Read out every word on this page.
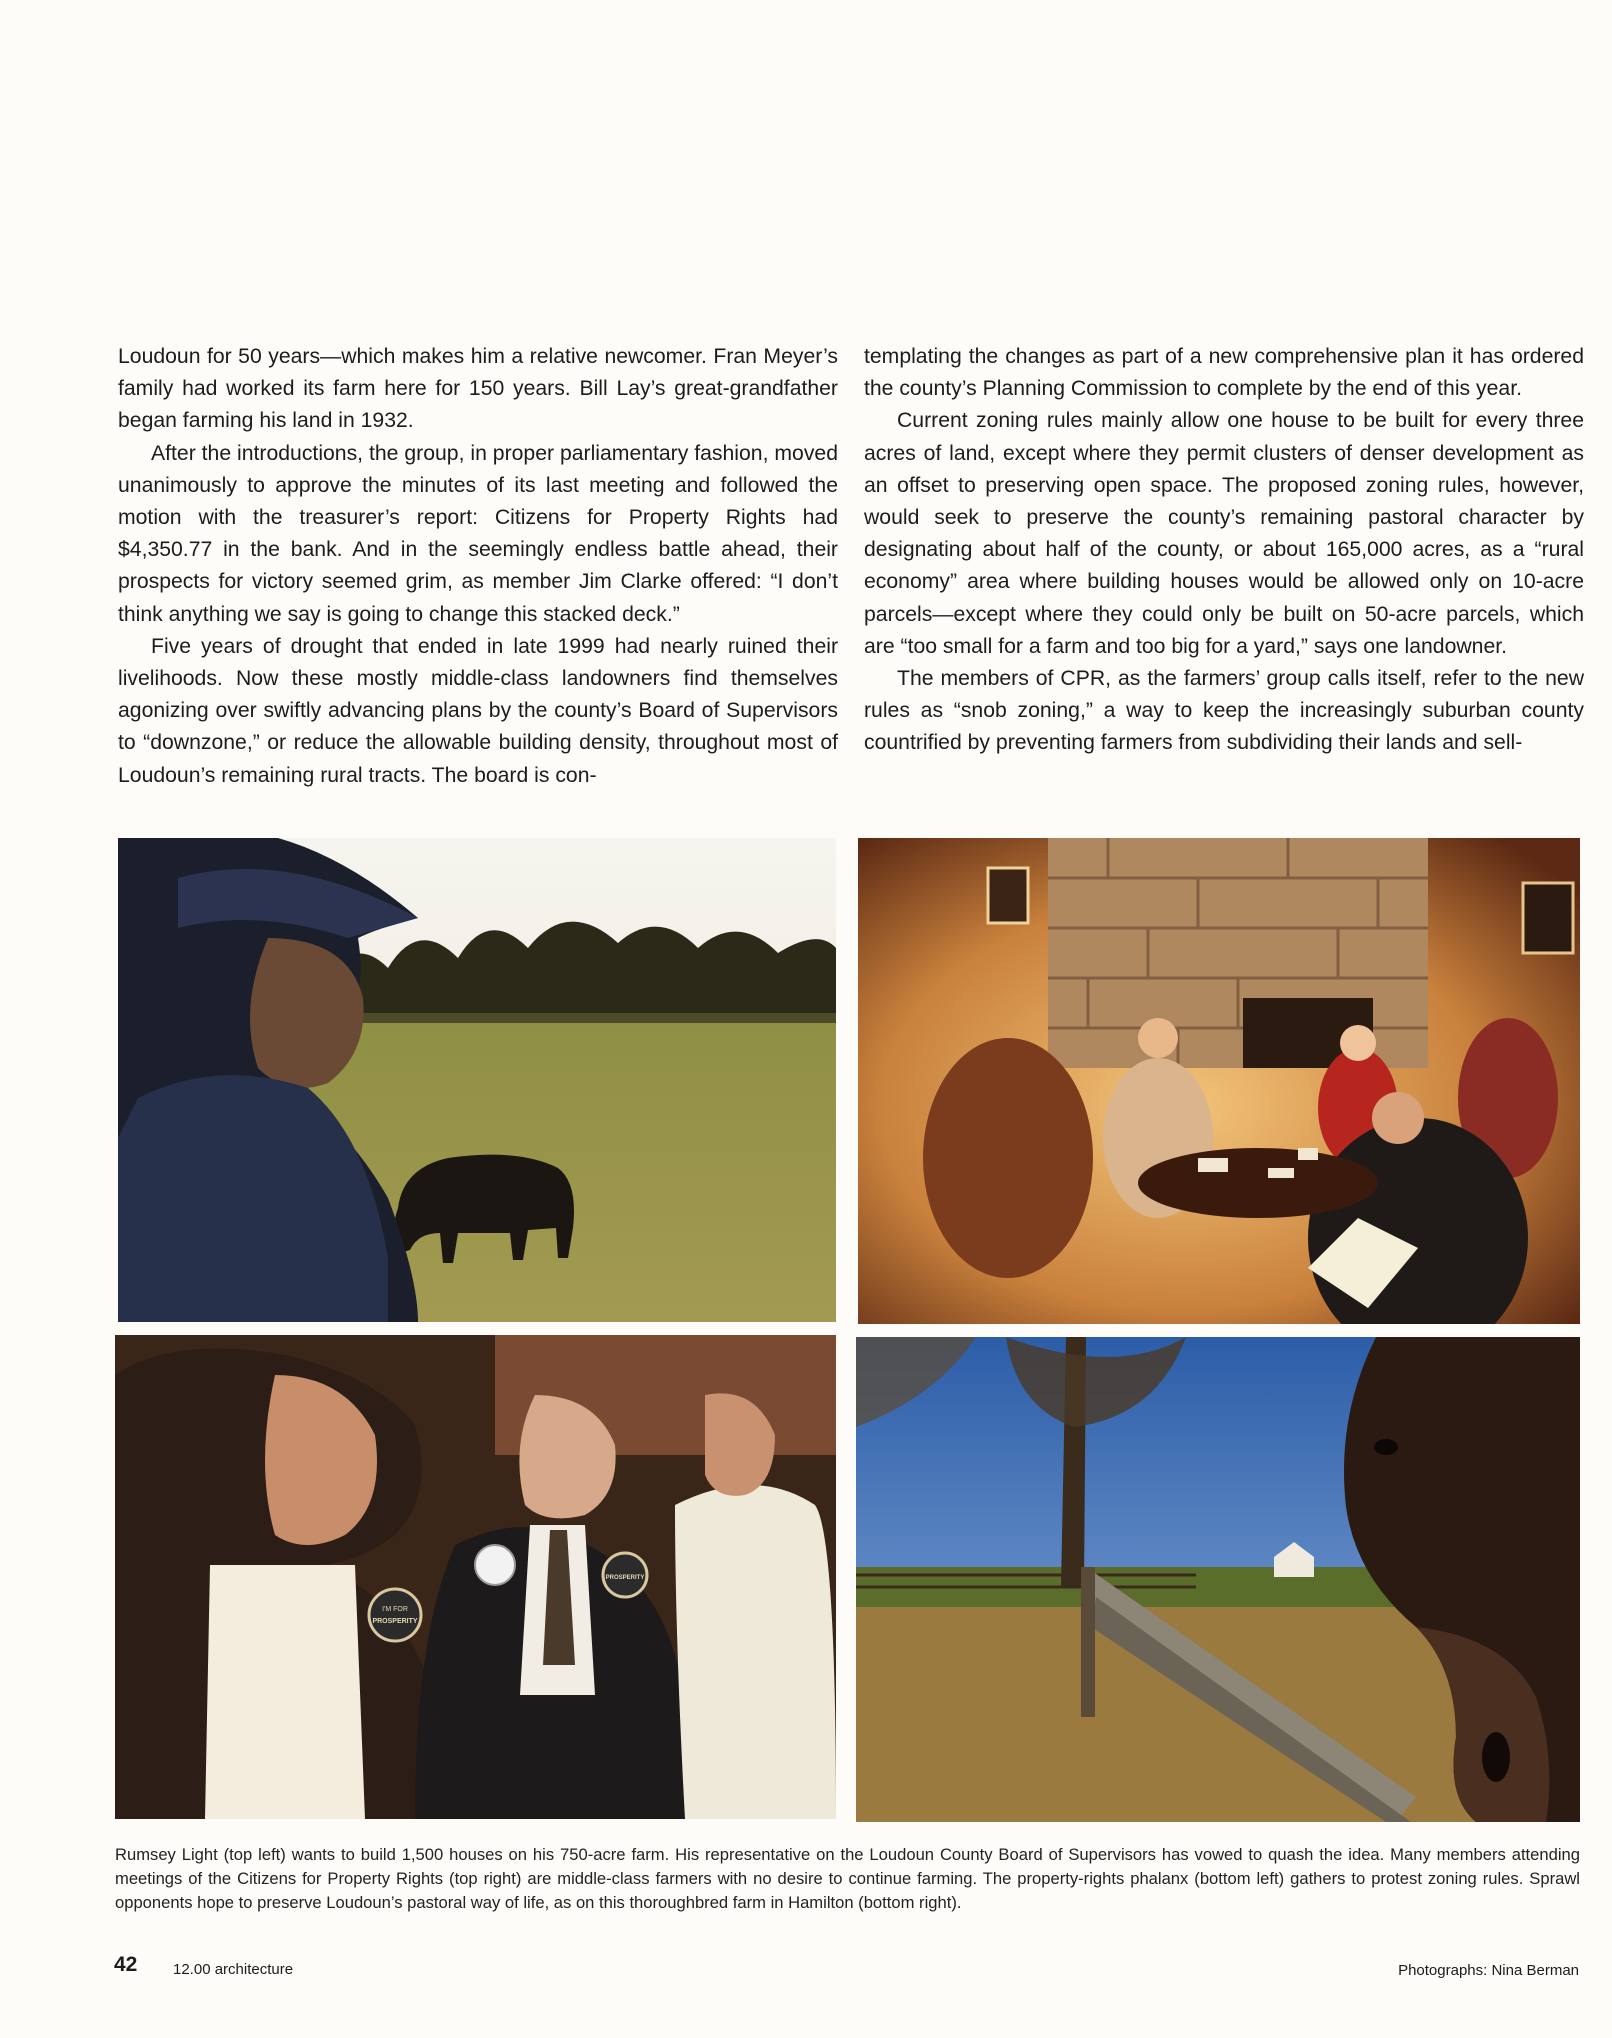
Loudoun for 50 years—which makes him a relative newcomer. Fran Meyer’s family had worked its farm here for 150 years. Bill Lay’s great-grandfather began farming his land in 1932.

After the introductions, the group, in proper parliamentary fashion, moved unanimously to approve the minutes of its last meeting and followed the motion with the treasurer’s report: Citizens for Property Rights had $4,350.77 in the bank. And in the seemingly endless battle ahead, their prospects for victory seemed grim, as member Jim Clarke offered: “I don’t think anything we say is going to change this stacked deck.”

Five years of drought that ended in late 1999 had nearly ruined their livelihoods. Now these mostly middle-class landowners find themselves agonizing over swiftly advancing plans by the county’s Board of Supervisors to “downzone,” or reduce the allowable building density, throughout most of Loudoun’s remaining rural tracts. The board is con-

templating the changes as part of a new comprehensive plan it has ordered the county’s Planning Commission to complete by the end of this year.

Current zoning rules mainly allow one house to be built for every three acres of land, except where they permit clusters of denser development as an offset to preserving open space. The proposed zoning rules, however, would seek to preserve the county’s remaining pastoral character by designating about half of the county, or about 165,000 acres, as a “rural economy” area where building houses would be allowed only on 10-acre parcels—except where they could only be built on 50-acre parcels, which are “too small for a farm and too big for a yard,” says one landowner.

The members of CPR, as the farmers’ group calls itself, refer to the new rules as “snob zoning,” a way to keep the increasingly suburban county countrified by preventing farmers from subdividing their lands and sell-

I'M FOR
PROSPERITY
PROSPERITY
Rumsey Light (top left) wants to build 1,500 houses on his 750-acre farm. His representative on the Loudoun County Board of Supervisors has vowed to quash the idea. Many members attending meetings of the Citizens for Property Rights (top right) are middle-class farmers with no desire to continue farming. The property-rights phalanx (bottom left) gathers to protest zoning rules. Sprawl opponents hope to preserve Loudoun’s pastoral way of life, as on this thoroughbred farm in Hamilton (bottom right).
42 12.00 architecture	Photographs: Nina Berman
